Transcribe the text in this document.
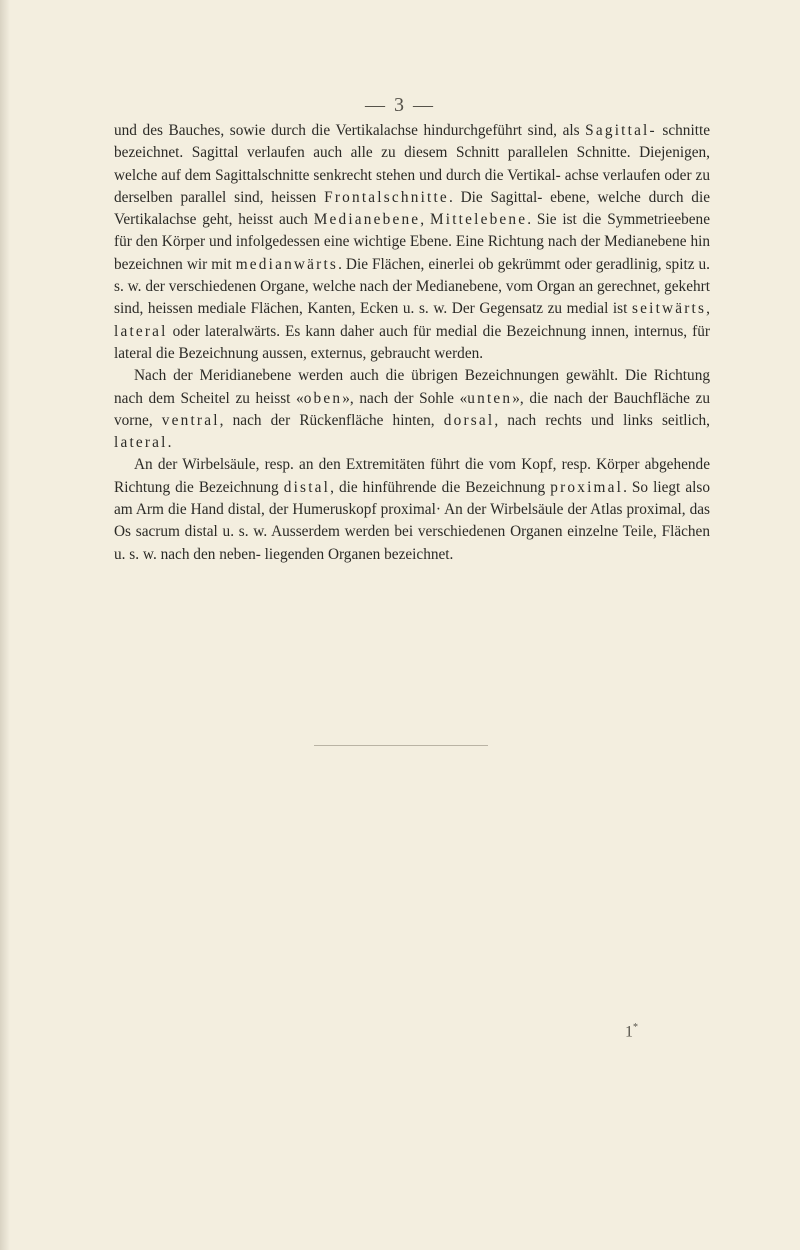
— 3 —

und des Bauches, sowie durch die Vertikalachse hindurchgeführt sind, als Sagittal- schnitte bezeichnet. Sagittal verlaufen auch alle zu diesem Schnitt parallelen Schnitte. Diejenigen, welche auf dem Sagittalschnitte senkrecht stehen und durch die Vertikal- achse verlaufen oder zu derselben parallel sind, heissen Frontalschnitte. Die Sagittal- ebene, welche durch die Vertikalachse geht, heisst auch Medianebene, Mittelebene. Sie ist die Symmetrieebene für den Körper und infolgedessen eine wichtige Ebene. Eine Richtung nach der Medianebene hin bezeichnen wir mit medianwärts. Die Flächen, einerlei ob gekrümmt oder geradlinig, spitz u. s. w. der verschiedenen Organe, welche nach der Medianebene, vom Organ an gerechnet, gekehrt sind, heissen mediale Flächen, Kanten, Ecken u. s. w. Der Gegensatz zu medial ist seitwärts, lateral oder lateralwärts. Es kann daher auch für medial die Bezeichnung innen, internus, für lateral die Bezeichnung aussen, externus, gebraucht werden.

Nach der Meridianebene werden auch die übrigen Bezeichnungen gewählt. Die Richtung nach dem Scheitel zu heisst «oben», nach der Sohle «unten», die nach der Bauchfläche zu vorne, ventral, nach der Rückenfläche hinten, dorsal, nach rechts und links seitlich, lateral.

An der Wirbelsäule, resp. an den Extremitäten führt die vom Kopf, resp. Körper abgehende Richtung die Bezeichnung distal, die hinführende die Bezeichnung proximal. So liegt also am Arm die Hand distal, der Humeruskopf proximal· An der Wirbelsäule der Atlas proximal, das Os sacrum distal u. s. w. Ausserdem werden bei verschiedenen Organen einzelne Teile, Flächen u. s. w. nach den neben- liegenden Organen bezeichnet.

1*
